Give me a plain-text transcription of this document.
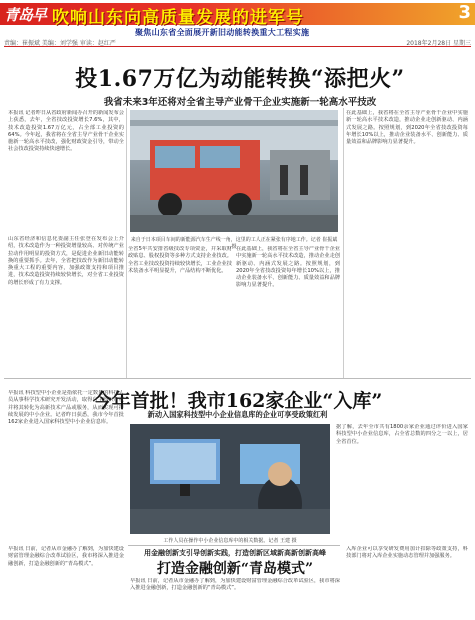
青岛早报
吹响山东向高质量发展的进军号	3
聚焦山东省全面展开新旧动能转换重大工程实施
责编：崔振斌 美编：刘学强 审读：赵红严	2018年2月28日 星期三
投1.67万亿为动能转换“添把火”
我省未来3年还将对全省主导产业骨干企业实施新一轮高水平技改
本报讯 记者昨日从省政府新闻办召开的新闻发布会上获悉，去年，全省技改投资增长7.6%，其中，技术改造投资1.67万亿元，占全部工业投资的64%。今年起，我省将在全省主导产业骨干企业实施新一轮高水平技改，强化财政资金引导，带动全社会技改投资持续快速增长。
山东省经济和信息化委副主任张登在发布会上介绍，技术改造作为一种投资增量较高、对传统产业拉动作用明显的投资方式，是促进企业新旧动能转换的重要抓手。去年，全省把技改作为新旧动能转换重大工程的重要内容，加强政策支持和项目推进，技术改造投资持续较快增长，对全省工业投资的增长形成了有力支撑。
来自于日本项目车间的新能源汽车生产线一角，这里的工人正在紧张有序地工作。记者 崔振斌 摄
全省5年共安排省级技改专项资金，并采取财政贴息、股权投资等多种方式支持企业技改。全省工业技改投资持续较快增长，工业企业技术装备水平明显提升，产品结构不断优化。
在此基础上，我省将在全省主导产业骨干企业中实施新一轮高水平技术改造，推动企业走创新驱动、内涵式发展之路。按照规划，到2020年全省技改投资每年增长10%以上，推动企业装备水平、创新能力、质量效益和品牌影响力显著提升。
在此基础上，我省将在全省主导产业骨干企业中实施新一轮高水平技术改造，推动企业走创新驱动、内涵式发展之路。按照规划，到2020年全省技改投资每年增长10%以上，推动企业装备水平、创新能力、质量效益和品牌影响力显著提升。
今年首批！我市162家企业“入库”
新动入国家科技型中小企业信息库的企业可享受政策红利
早报讯 科技型中小企业是指依托一定数量的科技人员从事科学技术研究开发活动，取得自主知识产权并将其转化为高新技术产品或服务，从而实现可持续发展的中小企业。记者昨日获悉，我市今年首批162家企业进入国家科技型中小企业信息库。
工作人员在操作中小企业信息库中的相关数据。记者 王建 摄
据了解，去年全市共有1800余家企业通过评价进入国家科技型中小企业信息库，占全省总数的四分之一以上，居全省首位。
用金融创新支引导创新实践，打造创新区域新高新创新高峰
打造金融创新“青岛模式”
早报讯 日前，记者从市金融办了解到，为加快建设财富管理金融综合改革试验区，我市将深入推进金融创新，打造金融创新的“青岛模式”。
早报讯 日前，记者从市金融办了解到，为加快建设财富管理金融综合改革试验区，我市将深入推进金融创新，打造金融创新的“青岛模式”。
入库企业可以享受研发费用加计扣除等政策支持，科技部门将对入库企业实施动态管理并加强服务。
